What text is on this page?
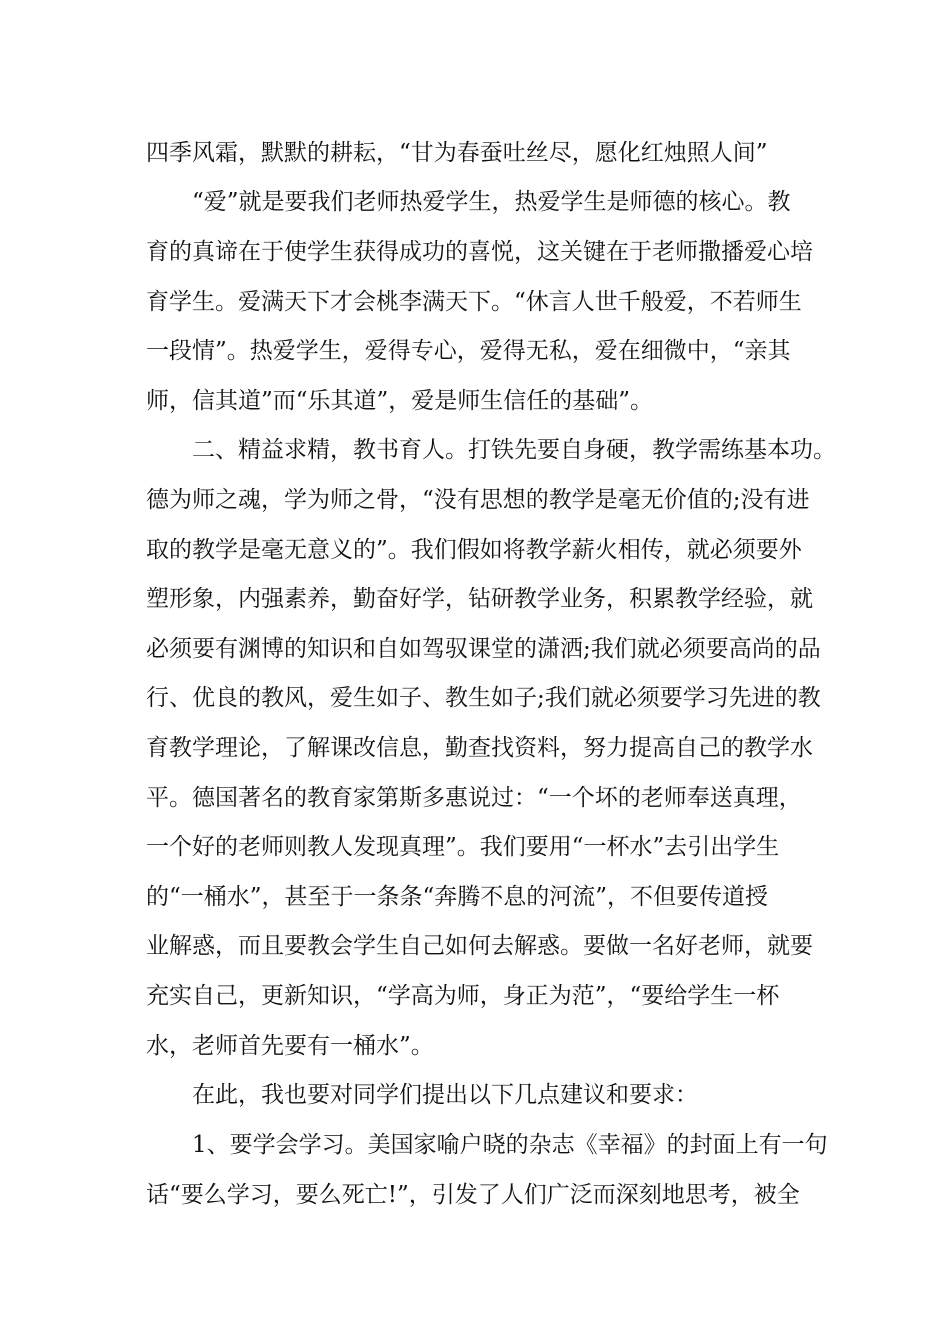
四季风霜，默默的耕耘，“甘为春蚕吐丝尽，愿化红烛照人间”
“爱”就是要我们老师热爱学生，热爱学生是师德的核心。教
育的真谛在于使学生获得成功的喜悦，这关键在于老师撒播爱心培
育学生。爱满天下才会桃李满天下。“休言人世千般爱，不若师生
一段情”。热爱学生，爱得专心，爱得无私，爱在细微中，“亲其
师，信其道”而“乐其道”，爱是师生信任的基础”。
二、精益求精，教书育人。打铁先要自身硬，教学需练基本功。
德为师之魂，学为师之骨，“没有思想的教学是毫无价值的;没有进
取的教学是毫无意义的”。我们假如将教学薪火相传，就必须要外
塑形象，内强素养，勤奋好学，钻研教学业务，积累教学经验，就
必须要有渊博的知识和自如驾驭课堂的潇洒;我们就必须要高尚的品
行、优良的教风，爱生如子、教生如子;我们就必须要学习先进的教
育教学理论，了解课改信息，勤查找资料，努力提高自己的教学水
平。德国著名的教育家第斯多惠说过：“一个坏的老师奉送真理，
一个好的老师则教人发现真理”。我们要用“一杯水”去引出学生
的“一桶水”，甚至于一条条“奔腾不息的河流”，不但要传道授
业解惑，而且要教会学生自己如何去解惑。要做一名好老师，就要
充实自己，更新知识，“学高为师，身正为范”，“要给学生一杯
水，老师首先要有一桶水”。
在此，我也要对同学们提出以下几点建议和要求：
1、要学会学习。美国家喻户晓的杂志《幸福》的封面上有一句
话“要么学习，要么死亡!”，引发了人们广泛而深刻地思考，被全
